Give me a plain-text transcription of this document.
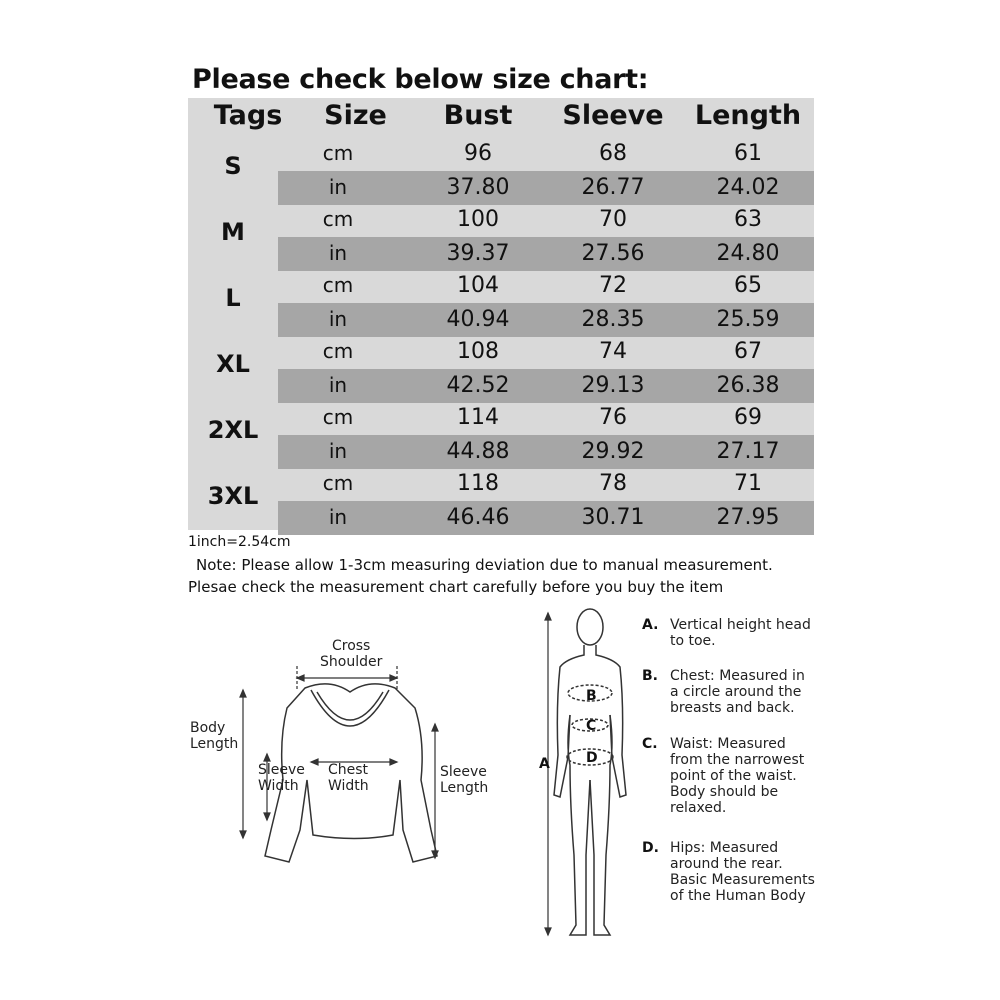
Please check below size chart:
Tags	Size	Bust	Sleeve	Length
S	cm	96	68	61
in	37.80	26.77	24.02
M	cm	100	70	63
in	39.37	27.56	24.80
L	cm	104	72	65
in	40.94	28.35	25.59
XL	cm	108	74	67
in	42.52	29.13	26.38
2XL	cm	114	76	69
in	44.88	29.92	27.17
3XL	cm	118	78	71
in	46.46	30.71	27.95
1inch=2.54cm
Note: Please allow 1-3cm measuring deviation due to manual measurement.
Plesae check the measurement chart carefully before you buy the item
Cross
Shoulder
Body
Length
Sleeve
Width
Chest
Width
Sleeve
Length
A
B
C
D
A. Vertical height head
to toe.
B. Chest: Measured in
a circle around the
breasts and back.
C. Waist: Measured
from the narrowest
point of the waist.
Body should be
relaxed.
D. Hips: Measured
around the rear.
Basic Measurements
of the Human Body
